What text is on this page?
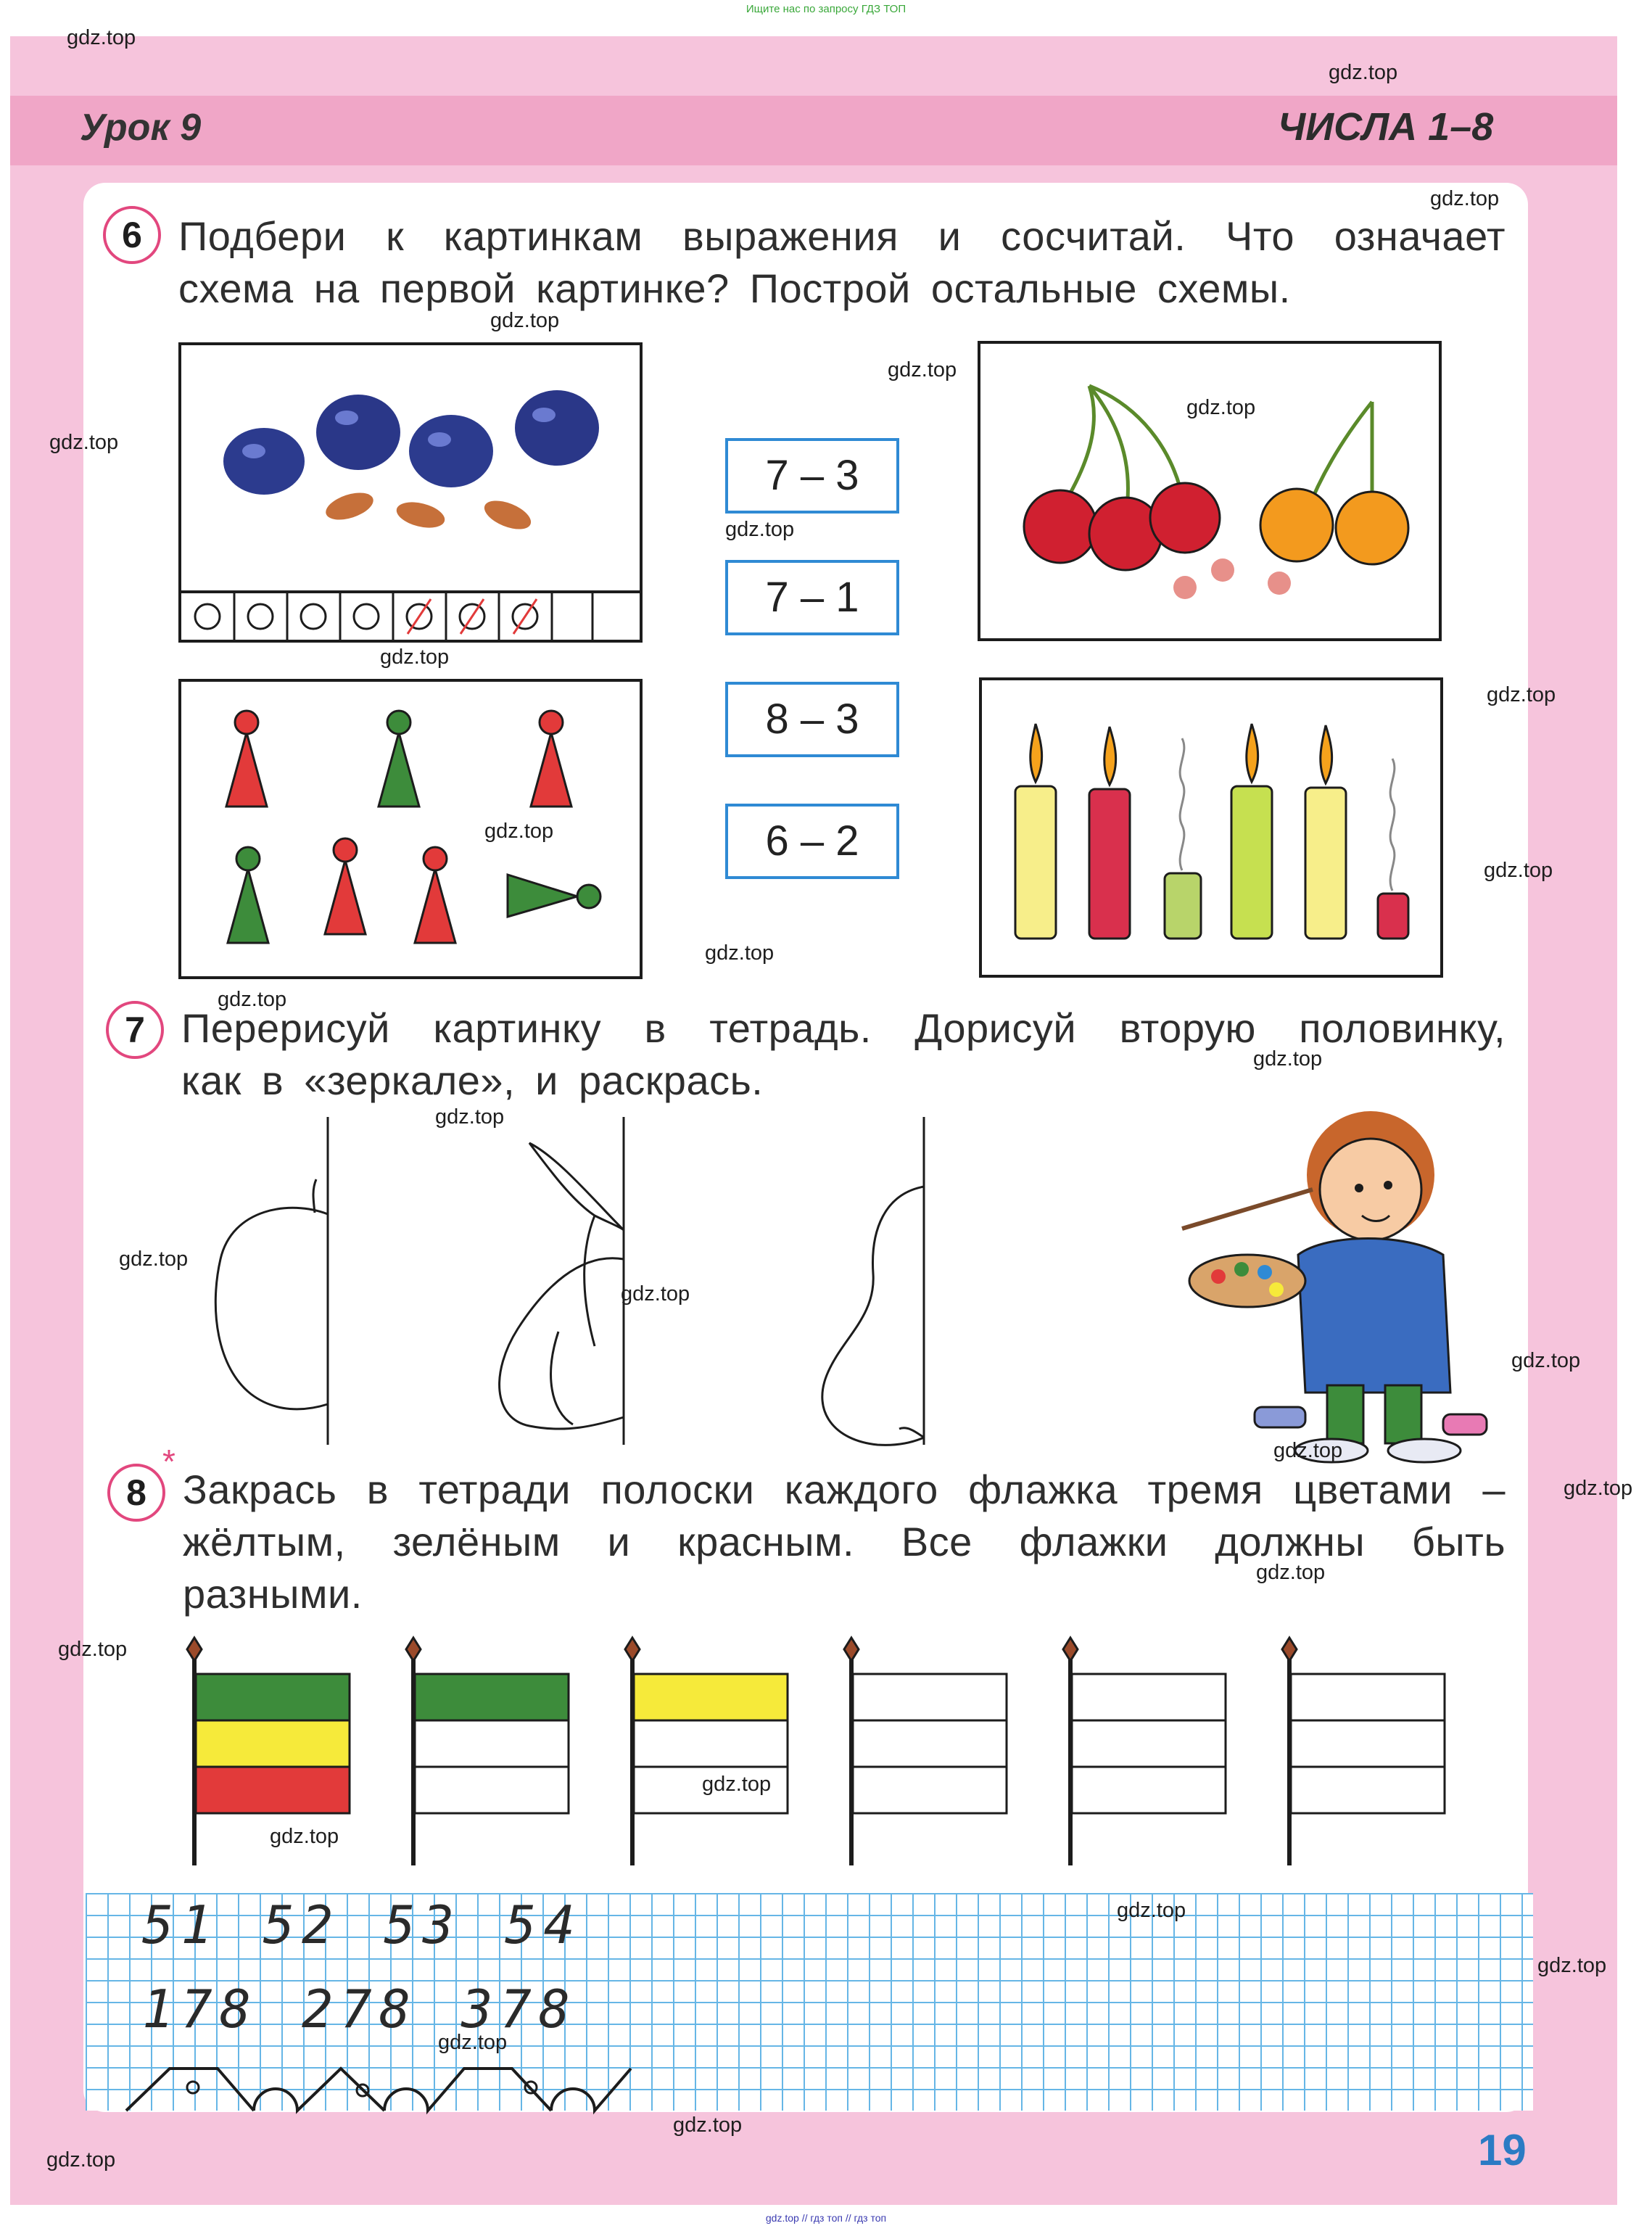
Ищите нас по запросу ГДЗ ТОП
Урок 9	ЧИСЛА 1–8
6 Подбери к картинкам выражения и сосчитай. Что означает
схема на первой картинке? Построй остальные схемы.
7 – 3
7 – 1
8 – 3
6 – 2
7 Перерисуй картинку в тетрадь. Дорисуй вторую половинку,
как в «зеркале», и раскрась.
*
8 Закрась в тетради полоски каждого флажка тремя цветами –
жёлтым, зелёным и красным. Все флажки должны быть
разными.
51 52 53 54
178 278 378
19
gdz.top
gdz.top
gdz.top
gdz.top
gdz.top
gdz.top
gdz.top
gdz.top
gdz.top
gdz.top
gdz.top
gdz.top
gdz.top
gdz.top
gdz.top
gdz.top
gdz.top
gdz.top
gdz.top
gdz.top
gdz.top
gdz.top
gdz.top
gdz.top
gdz.top
gdz.top
gdz.top
gdz.top
gdz.top
gdz.top
gdz.top // гдз топ // гдз топ
